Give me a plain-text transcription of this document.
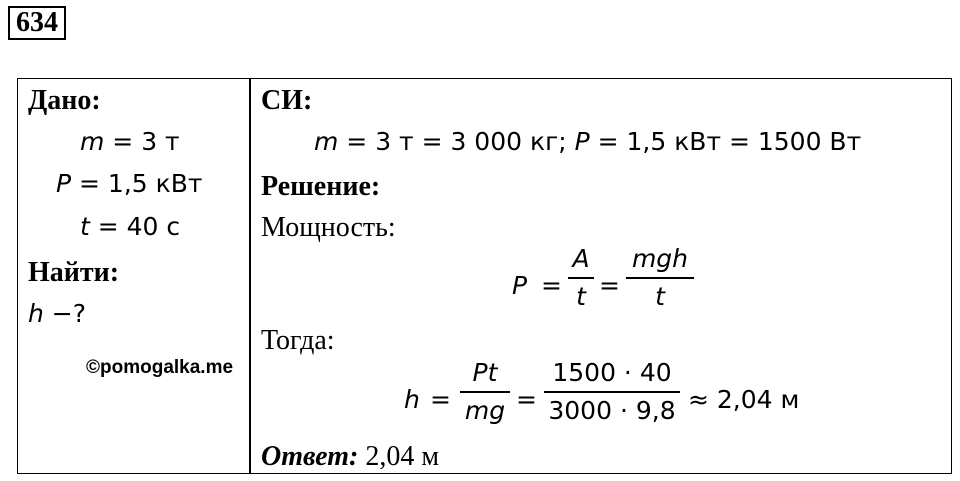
634
Дано:
m = 3 т
P = 1,5 кВт
t = 40 с
Найти:
h −?
СИ:
m = 3 т = 3 000 кг; P = 1,5 кВт = 1500 Вт
Решение:
Мощность:
P =
A
t =
mgh
t
Тогда:
h =
Pt
mg =
1500 · 40
3000 · 9,8 ≈ 2,04 м
Ответ: 2,04 м
©pomogalka.me
